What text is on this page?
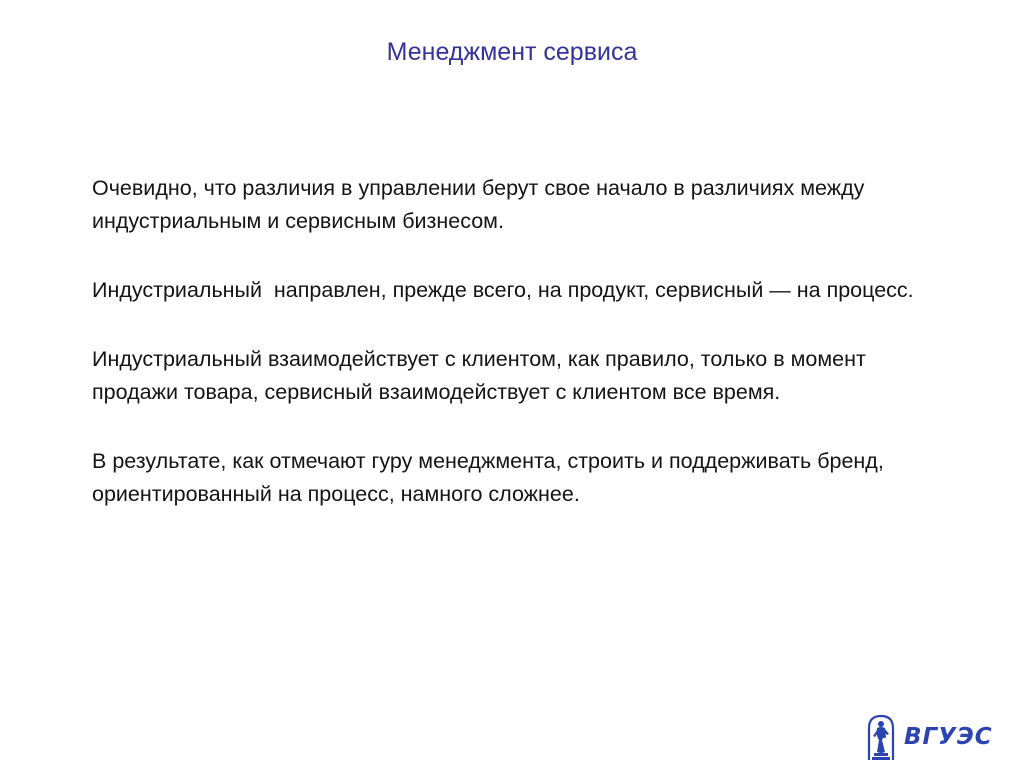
Менеджмент сервиса

Очевидно, что различия в управлении берут свое начало в различиях между индустриальным и сервисным бизнесом.

Индустриальный  направлен, прежде всего, на продукт, сервисный — на процесс.

Индустриальный взаимодействует с клиентом, как правило, только в момент продажи товара, сервисный взаимодействует с клиентом все время.

В результате, как отмечают гуру менеджмента, строить и поддерживать бренд, ориентированный на процесс, намного сложнее.

ВГУЭС
